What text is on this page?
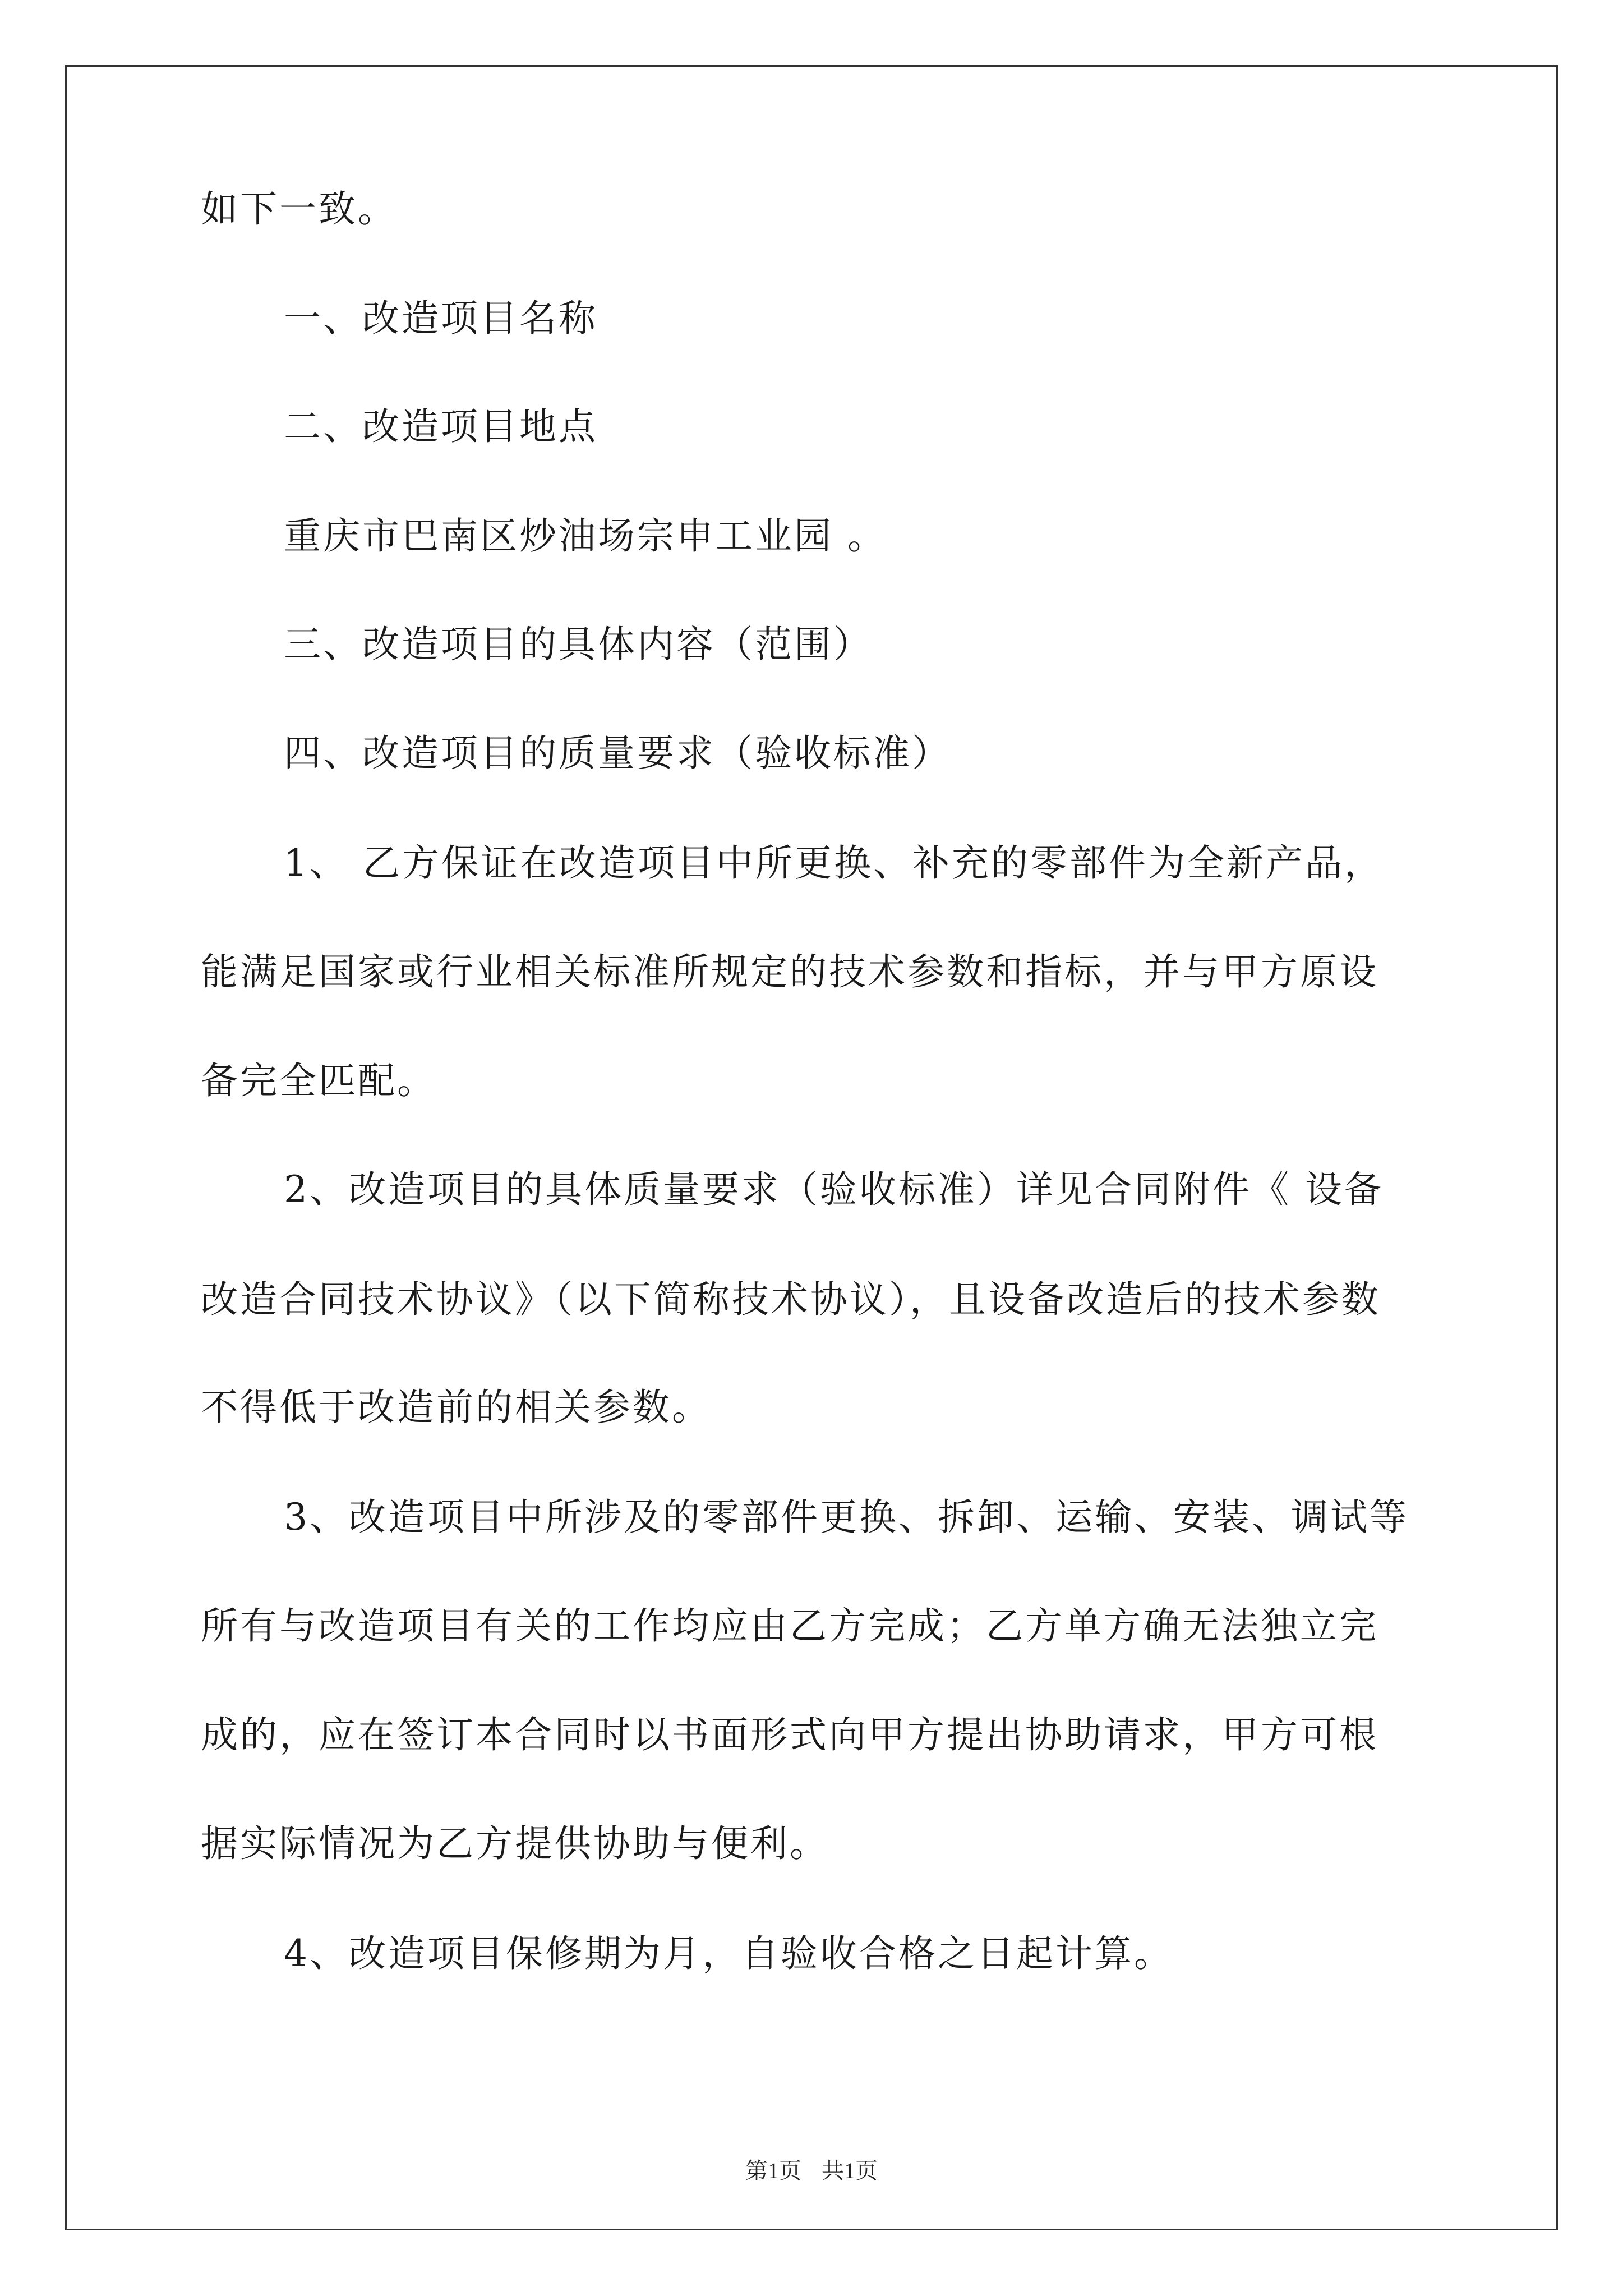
如下一致。
一、改造项目名称
二、改造项目地点
重庆市巴南区炒油场宗申工业园 。
三、改造项目的具体内容（范围）
四、改造项目的质量要求（验收标准）
1、 乙方保证在改造项目中所更换、补充的零部件为全新产品，
能满足国家或行业相关标准所规定的技术参数和指标，并与甲方原设
备完全匹配。
2、改造项目的具体质量要求（验收标准）详见合同附件《 设备
改造合同技术协议》（以下简称技术协议），且设备改造后的技术参数
不得低于改造前的相关参数。
3、改造项目中所涉及的零部件更换、拆卸、运输、安装、调试等
所有与改造项目有关的工作均应由乙方完成；乙方单方确无法独立完
成的，应在签订本合同时以书面形式向甲方提出协助请求，甲方可根
据实际情况为乙方提供协助与便利。
4、改造项目保修期为月，自验收合格之日起计算。
第1页 共1页
